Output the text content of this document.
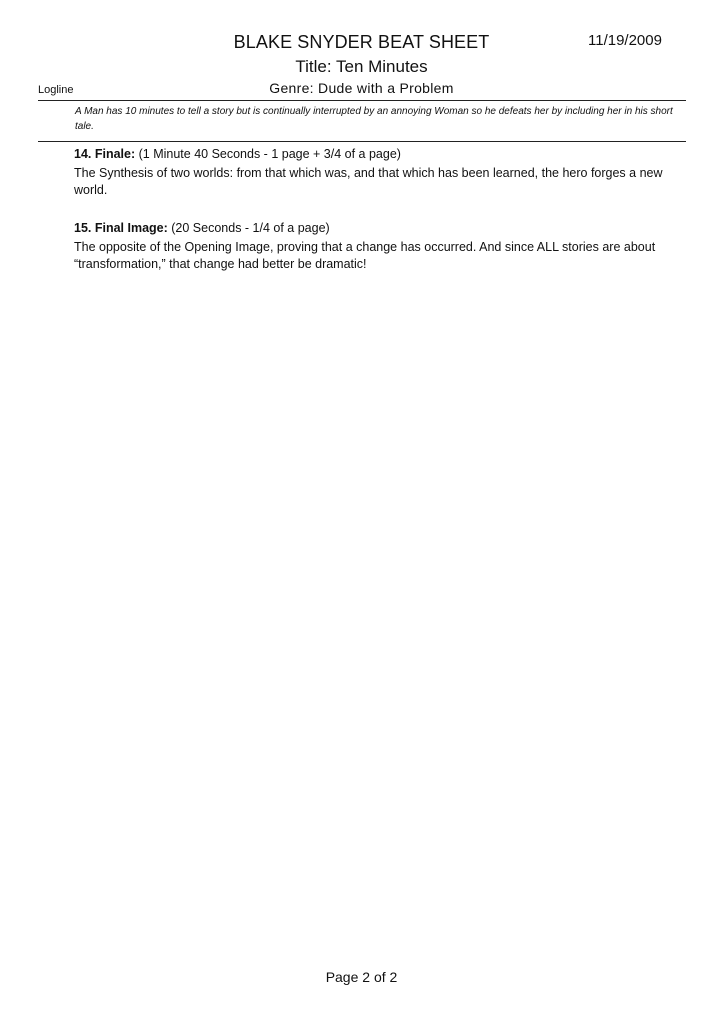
BLAKE SNYDER BEAT SHEET	11/19/2009
Title: Ten Minutes
Logline	Genre: Dude with a Problem
A Man has 10 minutes to tell a story but is continually interrupted by an annoying Woman so he defeats her by including her in his short tale.

14. Finale: (1 Minute 40 Seconds - 1 page + 3/4 of a page)

The Synthesis of two worlds: from that which was, and that which has been learned, the hero forges a new world.

15. Final Image: (20 Seconds - 1/4 of a page)

The opposite of the Opening Image, proving that a change has occurred. And since ALL stories are about “transformation,” that change had better be dramatic!

Page 2 of 2
